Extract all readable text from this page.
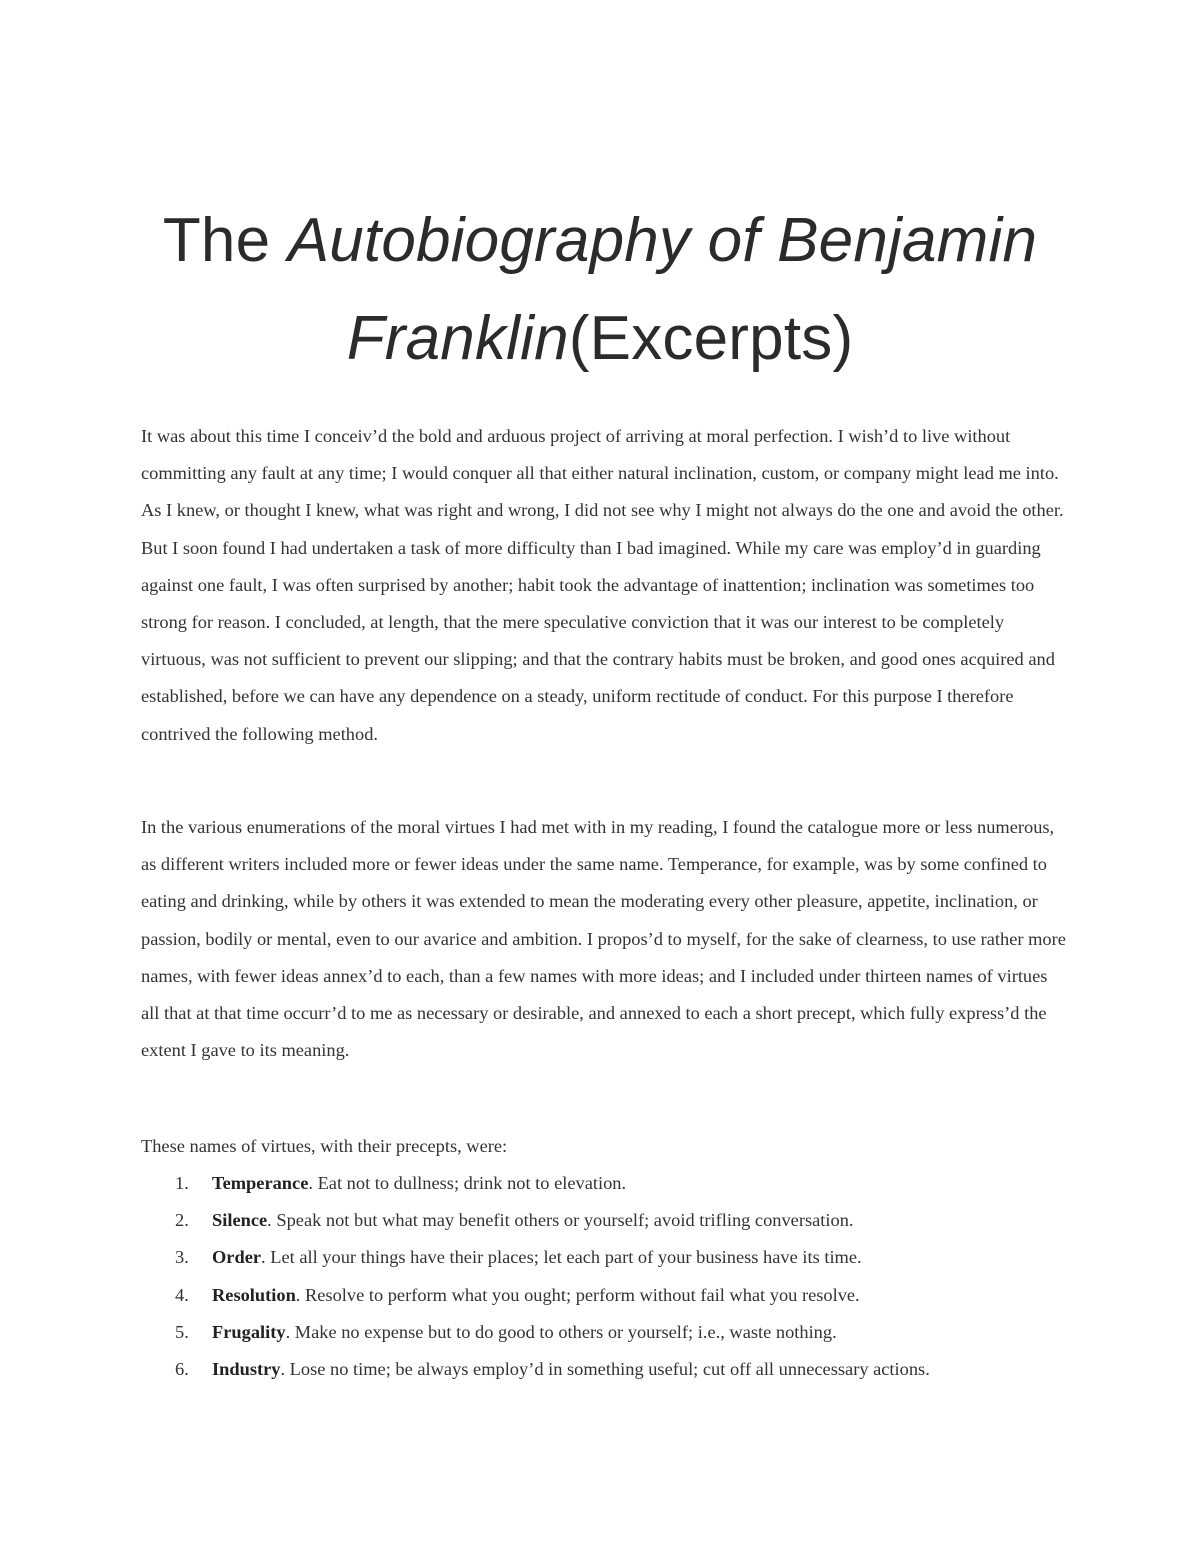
The Autobiography of Benjamin Franklin(Excerpts)

It was about this time I conceiv’d the bold and arduous project of arriving at moral perfection. I wish’d to live without committing any fault at any time; I would conquer all that either natural inclination, custom, or company might lead me into. As I knew, or thought I knew, what was right and wrong, I did not see why I might not always do the one and avoid the other. But I soon found I had undertaken a task of more difficulty than I bad imagined. While my care was employ’d in guarding against one fault, I was often surprised by another; habit took the advantage of inattention; inclination was sometimes too strong for reason. I concluded, at length, that the mere speculative conviction that it was our interest to be completely virtuous, was not sufficient to prevent our slipping; and that the contrary habits must be broken, and good ones acquired and established, before we can have any dependence on a steady, uniform rectitude of conduct. For this purpose I therefore contrived the following method.

In the various enumerations of the moral virtues I had met with in my reading, I found the catalogue more or less numerous, as different writers included more or fewer ideas under the same name. Temperance, for example, was by some confined to eating and drinking, while by others it was extended to mean the moderating every other pleasure, appetite, inclination, or passion, bodily or mental, even to our avarice and ambition. I propos’d to myself, for the sake of clearness, to use rather more names, with fewer ideas annex’d to each, than a few names with more ideas; and I included under thirteen names of virtues all that at that time occurr’d to me as necessary or desirable, and annexed to each a short precept, which fully express’d the extent I gave to its meaning.

These names of virtues, with their precepts, were:

1. Temperance. Eat not to dullness; drink not to elevation.
2. Silence. Speak not but what may benefit others or yourself; avoid trifling conversation.
3. Order. Let all your things have their places; let each part of your business have its time.
4. Resolution. Resolve to perform what you ought; perform without fail what you resolve.
5. Frugality. Make no expense but to do good to others or yourself; i.e., waste nothing.
6. Industry. Lose no time; be always employ’d in something useful; cut off all unnecessary actions.
